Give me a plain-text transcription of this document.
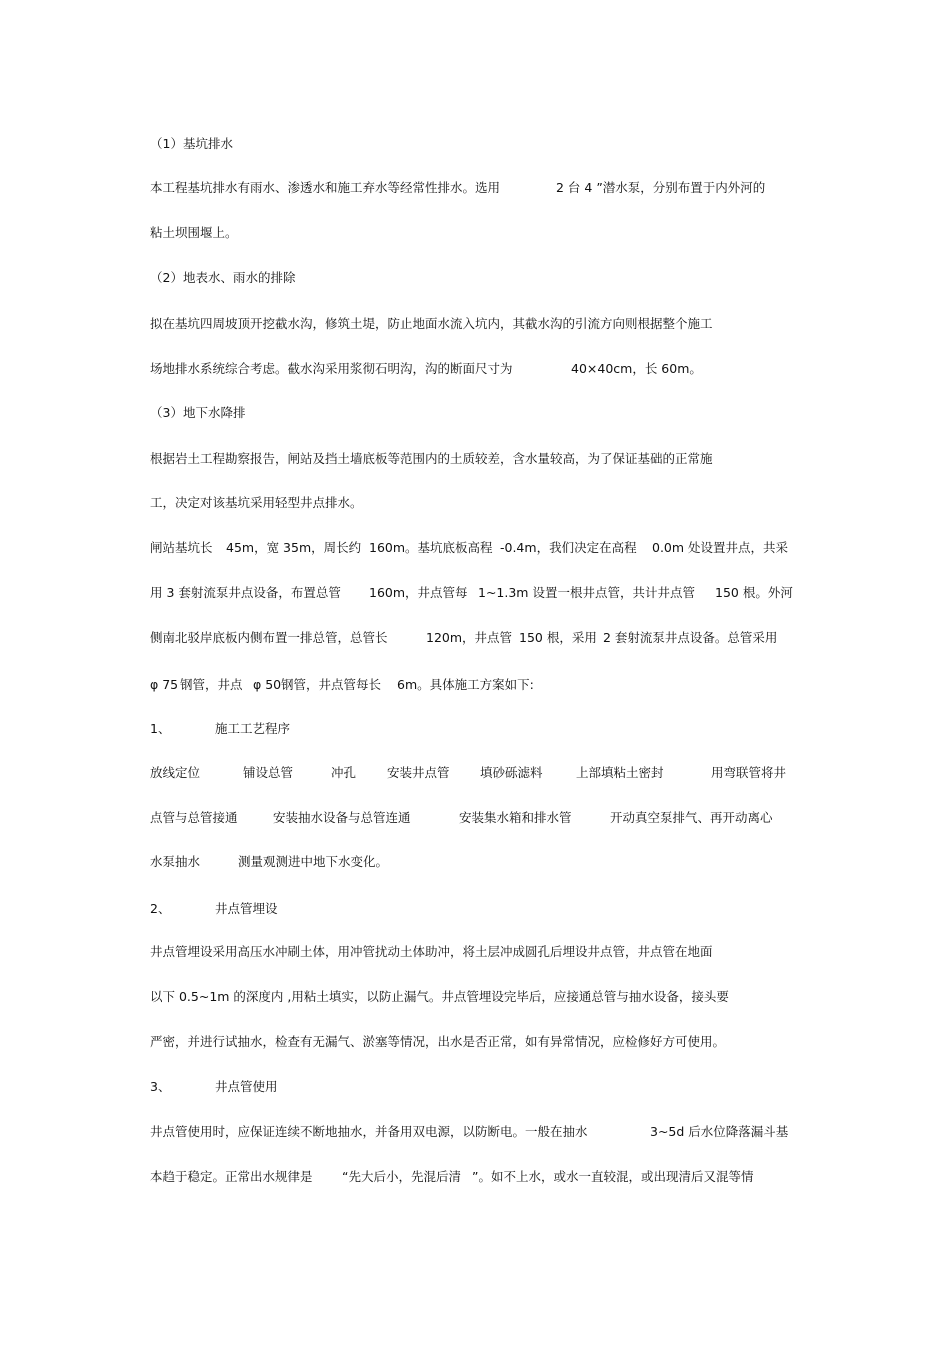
（1）基坑排水
本工程基坑排水有雨水、渗透水和施工弃水等经常性排水。选用	2 台 4 ”潜水泵，分别布置于内外河的
粘土坝围堰上。
（2）地表水、雨水的排除
拟在基坑四周坡顶开挖截水沟，修筑土堤，防止地面水流入坑内，其截水沟的引流方向则根据整个施工
场地排水系统综合考虑。截水沟采用浆彻石明沟，沟的断面尺寸为	40×40cm，长 60m。
（3）地下水降排
根据岩土工程勘察报告，闸站及挡土墙底板等范围内的土质较差，含水量较高，为了保证基础的正常施
工，决定对该基坑采用轻型井点排水。
闸站基坑长 45m，宽 35m，周长约 160m。基坑底板高程 -0.4m，我们决定在高程 0.0m 处设置井点，共采
用 3 套射流泵井点设备，布置总管 160m，井点管每 1~1.3m 设置一根井点管，共计井点管 150 根。外河
侧南北驳岸底板内侧布置一排总管，总管长	120m，井点管 150 根，采用 2 套射流泵井点设备。总管采用
φ 75 钢管，井点 φ 50 钢管，井点管每长 6m。具体施工方案如下:
1、	施工工艺程序
放线定位	铺设总管	冲孔 安装井点管 填砂砾滤料	上部填粘土密封	用弯联管将井
点管与总管接通	安装抽水设备与总管连通	安装集水箱和排水管	开动真空泵排气、再开动离心
水泵抽水	测量观测进中地下水变化。
2、	井点管埋设
井点管埋设采用高压水冲刷土体，用冲管扰动土体助冲，将土层冲成圆孔后埋设井点管，井点管在地面
以下 0.5~1m 的深度内 ,用粘土填实，以防止漏气。井点管埋设完毕后，应接通总管与抽水设备，接头要
严密，并进行试抽水，检查有无漏气、淤塞等情况，出水是否正常，如有异常情况，应检修好方可使用。
3、	井点管使用
井点管使用时，应保证连续不断地抽水，并备用双电源，以防断电。一般在抽水	3~5d 后水位降落漏斗基
本趋于稳定。正常出水规律是 “先大后小，先混后清 ”。如不上水，或水一直较混，或出现清后又混等情
